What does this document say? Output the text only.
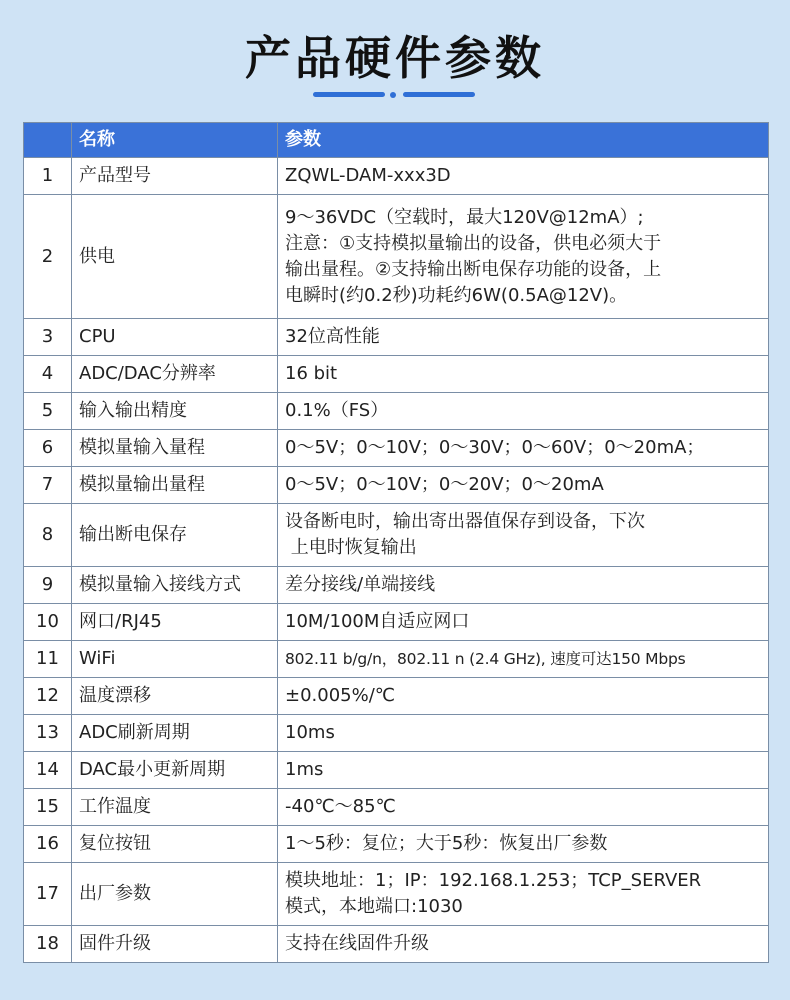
产品硬件参数
	名称	参数
1	产品型号	ZQWL-DAM-xxx3D

2	供电	9～36VDC（空载时，最大120V@12mA）;
注意：①支持模拟量输出的设备，供电必须大于
输出量程。②支持输出断电保存功能的设备，上
电瞬时(约0.2秒)功耗约6W(0.5A@12V)。

3	CPU	32位高性能

4	ADC/DAC分辨率	16 bit

5	输入输出精度	0.1%（FS）

6	模拟量输入量程	0～5V；0～10V；0～30V；0～60V；0～20mA；

7	模拟量输出量程	0～5V；0～10V；0～20V；0～20mA

8	输出断电保存	设备断电时，输出寄出器值保存到设备，下次
上电时恢复输出

9	模拟量输入接线方式	差分接线/单端接线

10	网口/RJ45	10M/100M自适应网口

11	WiFi	802.11 b/g/n，802.11 n (2.4 GHz), 速度可达150 Mbps

12	温度漂移	±0.005%/℃

13	ADC刷新周期	10ms

14	DAC最小更新周期	1ms

15	工作温度	-40℃～85℃

16	复位按钮	1～5秒：复位；大于5秒：恢复出厂参数

17	出厂参数	模块地址：1；IP：192.168.1.253；TCP_SERVER
模式，本地端口:1030

18	固件升级	支持在线固件升级
